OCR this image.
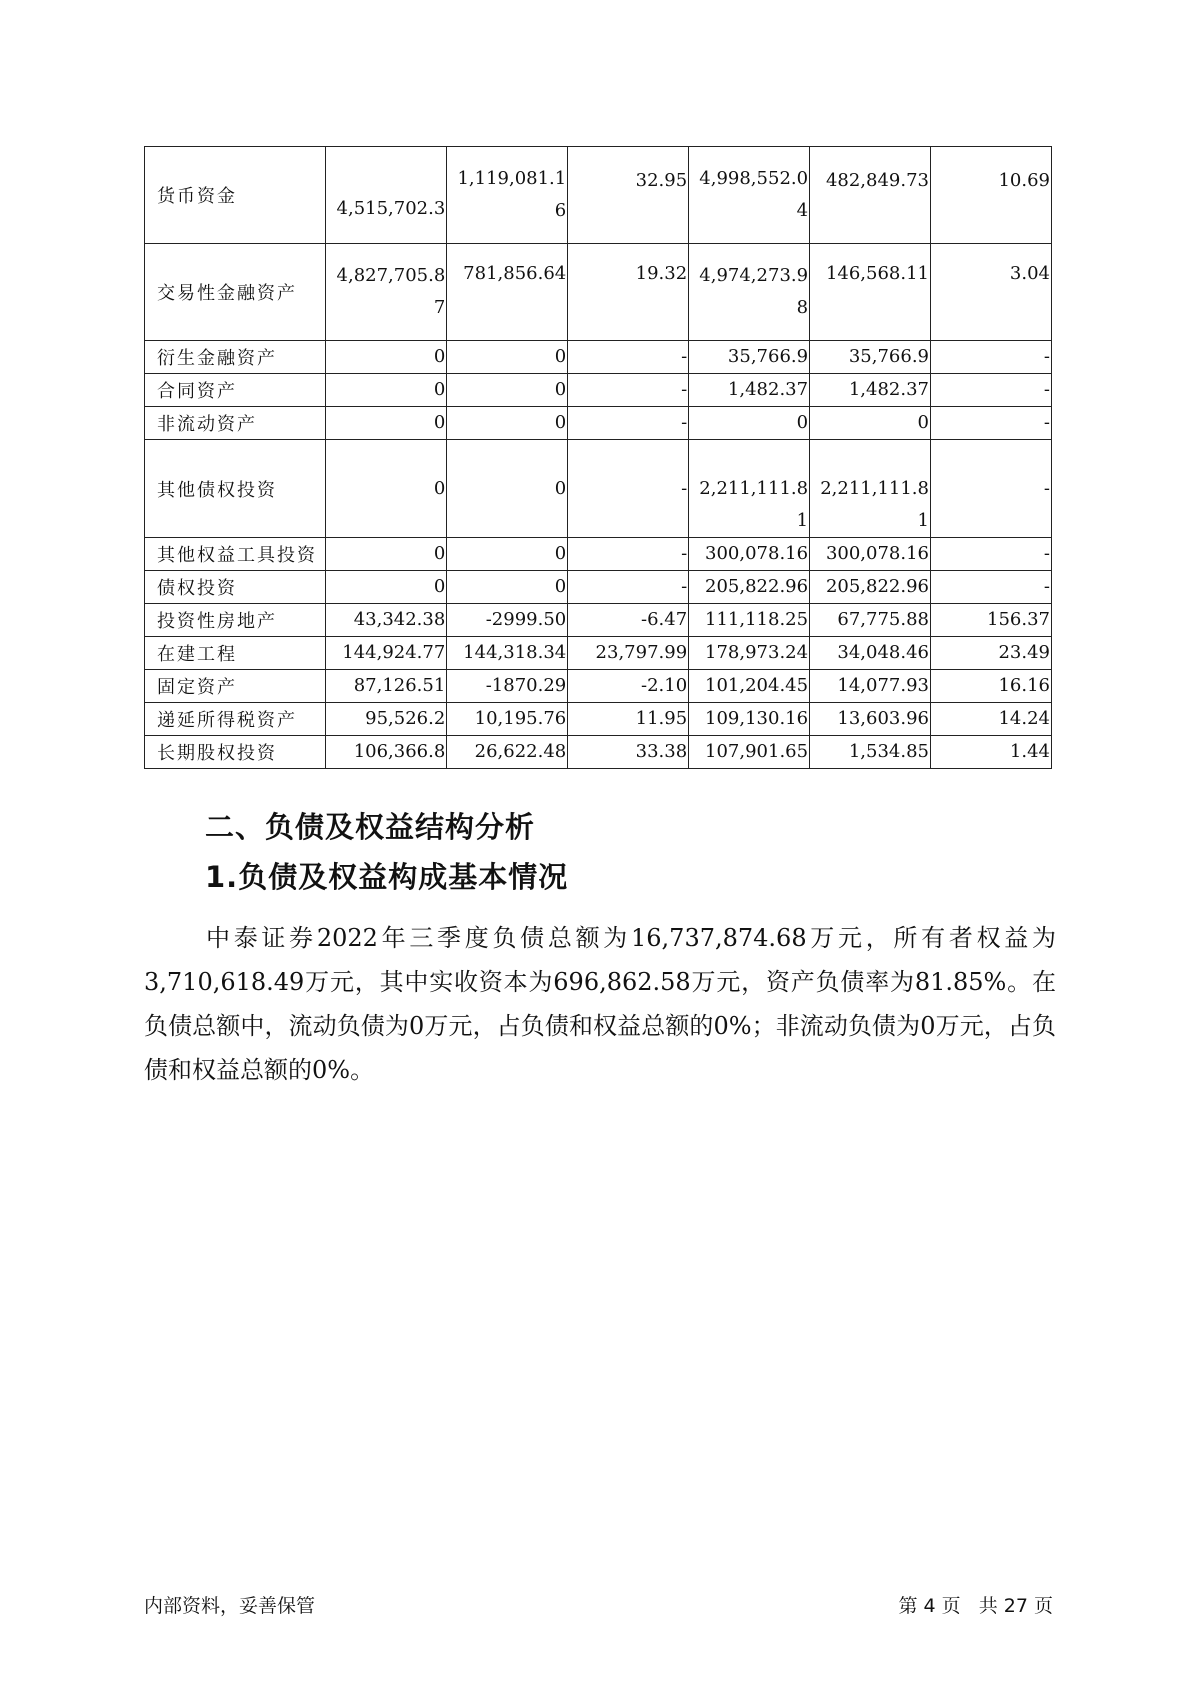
货币资金	4,515,702.3	1,119,081.16	32.95	4,998,552.04	482,849.73	10.69
交易性金融资产	4,827,705.87	781,856.64	19.32	4,974,273.98	146,568.11	3.04
衍生金融资产	0	0	-	35,766.9	35,766.9	-
合同资产	0	0	-	1,482.37	1,482.37	-
非流动资产	0	0	-	0	0	-
其他债权投资	0	0	-	2,211,111.81	2,211,111.81	-
其他权益工具投资	0	0	-	300,078.16	300,078.16	-
债权投资	0	0	-	205,822.96	205,822.96	-
投资性房地产	43,342.38	-2999.50	-6.47	111,118.25	67,775.88	156.37
在建工程	144,924.77	144,318.34	23,797.99	178,973.24	34,048.46	23.49
固定资产	87,126.51	-1870.29	-2.10	101,204.45	14,077.93	16.16
递延所得税资产	95,526.2	10,195.76	11.95	109,130.16	13,603.96	14.24
长期股权投资	106,366.8	26,622.48	33.38	107,901.65	1,534.85	1.44
二、负债及权益结构分析
1.负债及权益构成基本情况

中泰证券2022年三季度负债总额为16,737,874.68万元，所有者权益为3,710,618.49万元，其中实收资本为696,862.58万元，资产负债率为81.85%。在负债总额中，流动负债为0万元，占负债和权益总额的0%；非流动负债为0万元，占负债和权益总额的0%。

内部资料，妥善保管	第 4 页   共 27 页
